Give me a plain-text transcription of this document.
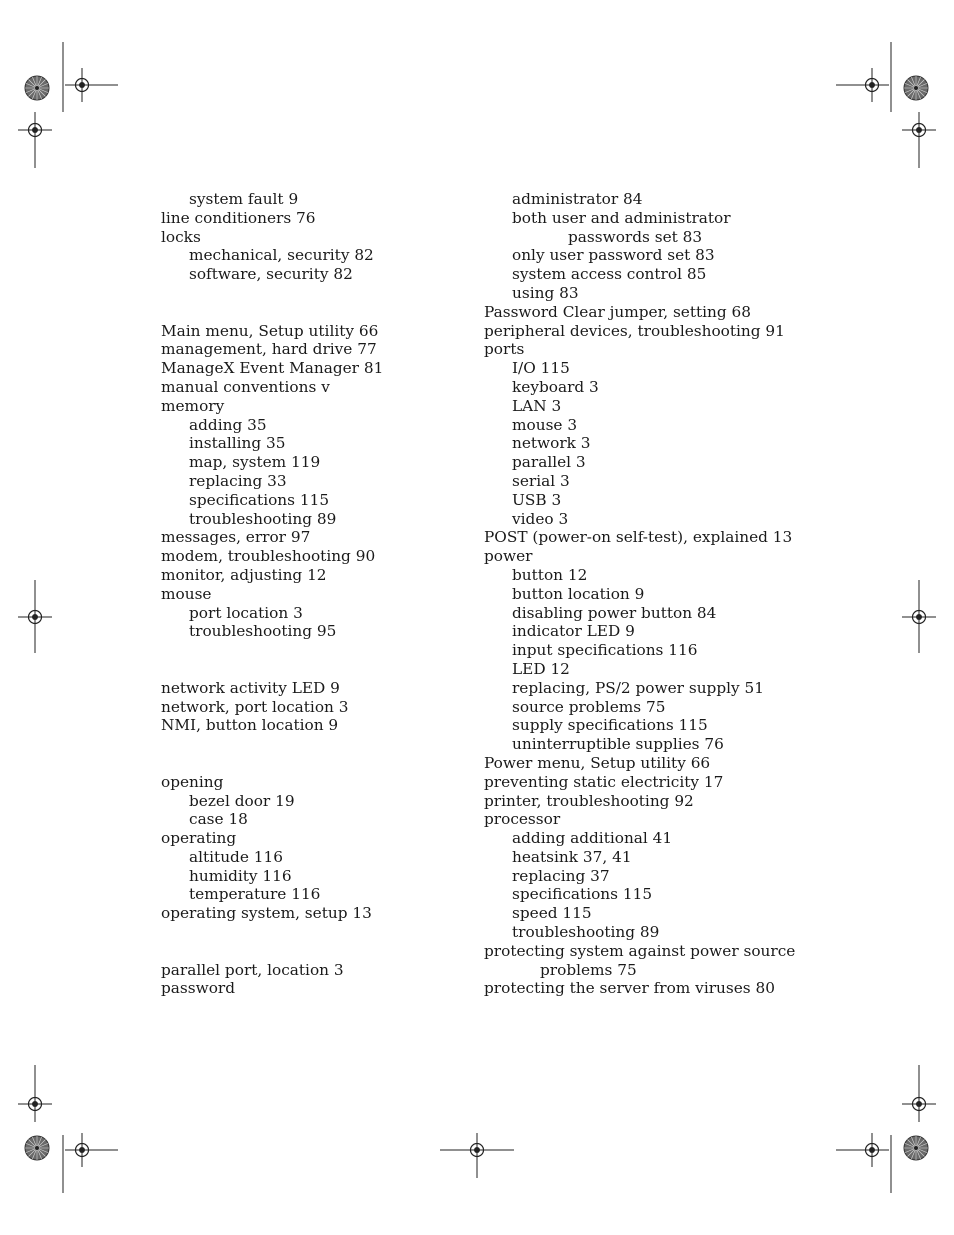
system fault 9
line conditioners 76
locks
mechanical, security 82
software, security 82
Main menu, Setup utility 66
management, hard drive 77
ManageX Event Manager 81
manual conventions v
memory
adding 35
installing 35
map, system 119
replacing 33
specifications 115
troubleshooting 89
messages, error 97
modem, troubleshooting 90
monitor, adjusting 12
mouse
port location 3
troubleshooting 95
network activity LED 9
network, port location 3
NMI, button location 9
opening
bezel door 19
case 18
operating
altitude 116
humidity 116
temperature 116
operating system, setup 13
parallel port, location 3
password
administrator 84
both user and administrator
passwords set 83
only user password set 83
system access control 85
using 83
Password Clear jumper, setting 68
peripheral devices, troubleshooting 91
ports
I/O 115
keyboard 3
LAN 3
mouse 3
network 3
parallel 3
serial 3
USB 3
video 3
POST (power-on self-test), explained 13
power
button 12
button location 9
disabling power button 84
indicator LED 9
input specifications 116
LED 12
replacing, PS/2 power supply 51
source problems 75
supply specifications 115
uninterruptible supplies 76
Power menu, Setup utility 66
preventing static electricity 17
printer, troubleshooting 92
processor
adding additional 41
heatsink 37, 41
replacing 37
specifications 115
speed 115
troubleshooting 89
protecting system against power source
problems 75
protecting the server from viruses 80
